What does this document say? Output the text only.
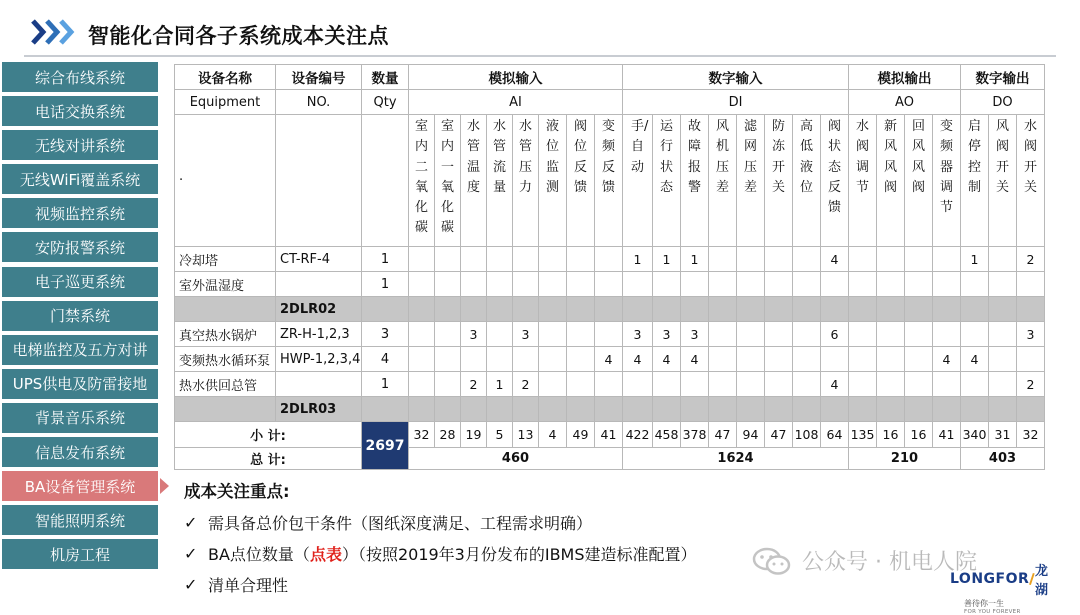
智能化合同各子系统成本关注点
综合布线系统
电话交换系统
无线对讲系统
无线WiFi覆盖系统
视频监控系统
安防报警系统
电子巡更系统
门禁系统
电梯监控及五方对讲
UPS供电及防雷接地
背景音乐系统
信息发布系统
BA设备管理系统
智能照明系统
机房工程
设备名称	设备编号	数量	模拟输入								数字输入								模拟输出				数字输出		
Equipment	NO.	Qty	AI								DI								AO				DO		
·			室内二氧化碳	室内一氧化碳	水管温度	水管流量	水管压力	液位监测	阀位反馈	变频反馈	手/自动	运行状态	故障报警	风机压差	滤网压差	防冻开关	高低液位	阀状态反馈	水阀调节	新风风阀	回风风阀	变频器调节	启停控制	风阀开关	水阀开关

冷却塔	CT-RF-4	1									1	1	1					4					1		2
室外温湿度		1																							
	2DLR02																								
真空热水锅炉	ZR-H-1,2,3	3			3		3				3	3	3					6							3
变频热水循环泵	HWP-1,2,3,4	4								4	4	4	4									4	4		
热水供回总管		1			2	1	2											4							2
	2DLR03																								
小 计:		2697	32	28	19	5	13	4	49	41	422	458	378	47	94	47	108	64	135	16	16	41	340	31	32
总 计:			460								1624								210				403		
成本关注重点:
✓ 需具备总价包干条件（图纸深度满足、工程需求明确）
✓ BA点位数量（ 点表 ）（按照2019年3月份发布的IBMS建造标准配置）
✓ 清单合理性
公众号 · 机电人院
LONGFOR 龙湖
善待你一生
FOR YOU FOREVER
